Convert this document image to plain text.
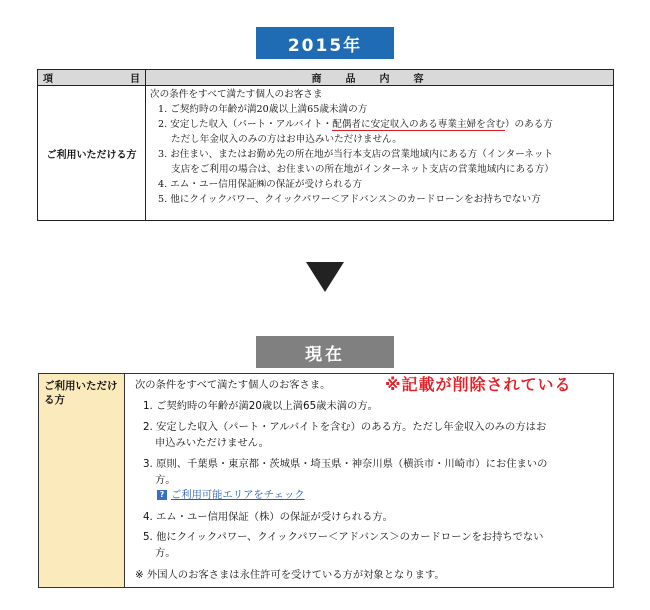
2015年
項	目	商品内容
ご利用いただける方
次の条件をすべて満たす個人のお客さま
1. ご契約時の年齢が満20歳以上満65歳未満の方
2. 安定した収入（パート・アルバイト・配偶者に安定収入のある専業主婦を含む）のある方
ただし年金収入のみの方はお申込みいただけません。
3. お住まい、またはお勤め先の所在地が当行本支店の営業地域内にある方（インターネット
支店をご利用の場合は、お住まいの所在地がインターネット支店の営業地域内にある方）
4. エム・ユー信用保証㈱の保証が受けられる方
5. 他にクイックパワー、クイックパワー＜アドバンス＞のカードローンをお持ちでない方
現在
ご利用いただける方
※記載が削除されている
次の条件をすべて満たす個人のお客さま。
1. ご契約時の年齢が満20歳以上満65歳未満の方。
2. 安定した収入（パート・アルバイトを含む）のある方。ただし年金収入のみの方はお
申込みいただけません。
3. 原則、千葉県・東京都・茨城県・埼玉県・神奈川県（横浜市・川崎市）にお住まいの
方。
? ご利用可能エリアをチェック
4. エム・ユー信用保証（株）の保証が受けられる方。
5. 他にクイックパワー、クイックパワー＜アドバンス＞のカードローンをお持ちでない
方。
※ 外国人のお客さまは永住許可を受けている方が対象となります。
